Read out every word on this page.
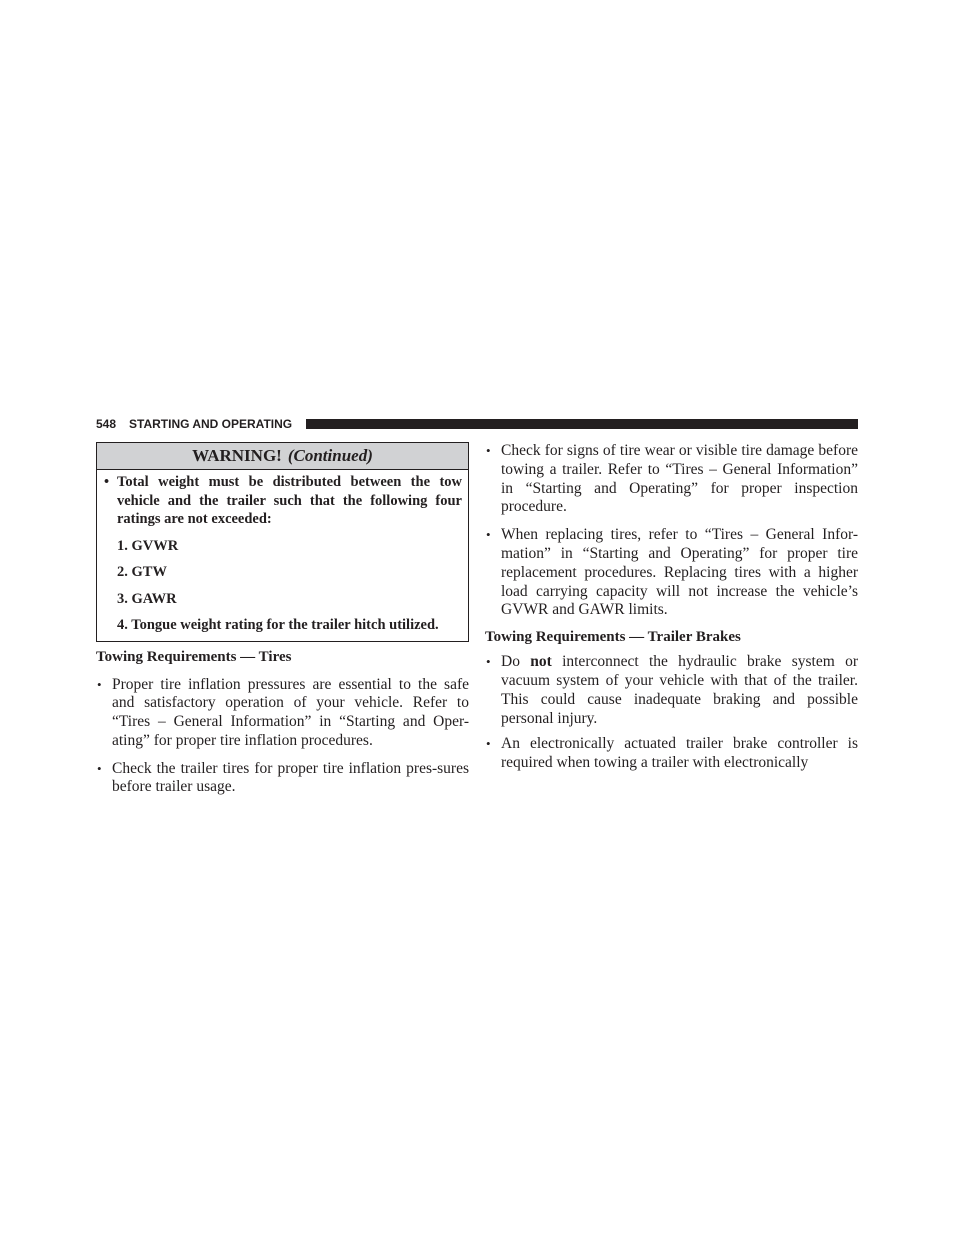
548 STARTING AND OPERATING
WARNING! (Continued)
• Total weight must be distributed between the tow vehicle and the trailer such that the following four ratings are not exceeded:
1. GVWR
2. GTW
3. GAWR
4. Tongue weight rating for the trailer hitch utilized.
Towing Requirements — Tires
• Proper tire inflation pressures are essential to the safe and satisfactory operation of your vehicle. Refer to “Tires – General Information” in “Starting and Oper-ating” for proper tire inflation procedures.
• Check the trailer tires for proper tire inflation pres-sures before trailer usage.
• Check for signs of tire wear or visible tire damage before towing a trailer. Refer to “Tires – General Information” in “Starting and Operating” for proper inspection procedure.
• When replacing tires, refer to “Tires – General Infor-mation” in “Starting and Operating” for proper tire replacement procedures. Replacing tires with a higher load carrying capacity will not increase the vehicle’s GVWR and GAWR limits.
Towing Requirements — Trailer Brakes
• Do not interconnect the hydraulic brake system or vacuum system of your vehicle with that of the trailer. This could cause inadequate braking and possible personal injury.
• An electronically actuated trailer brake controller is required when towing a trailer with electronically
